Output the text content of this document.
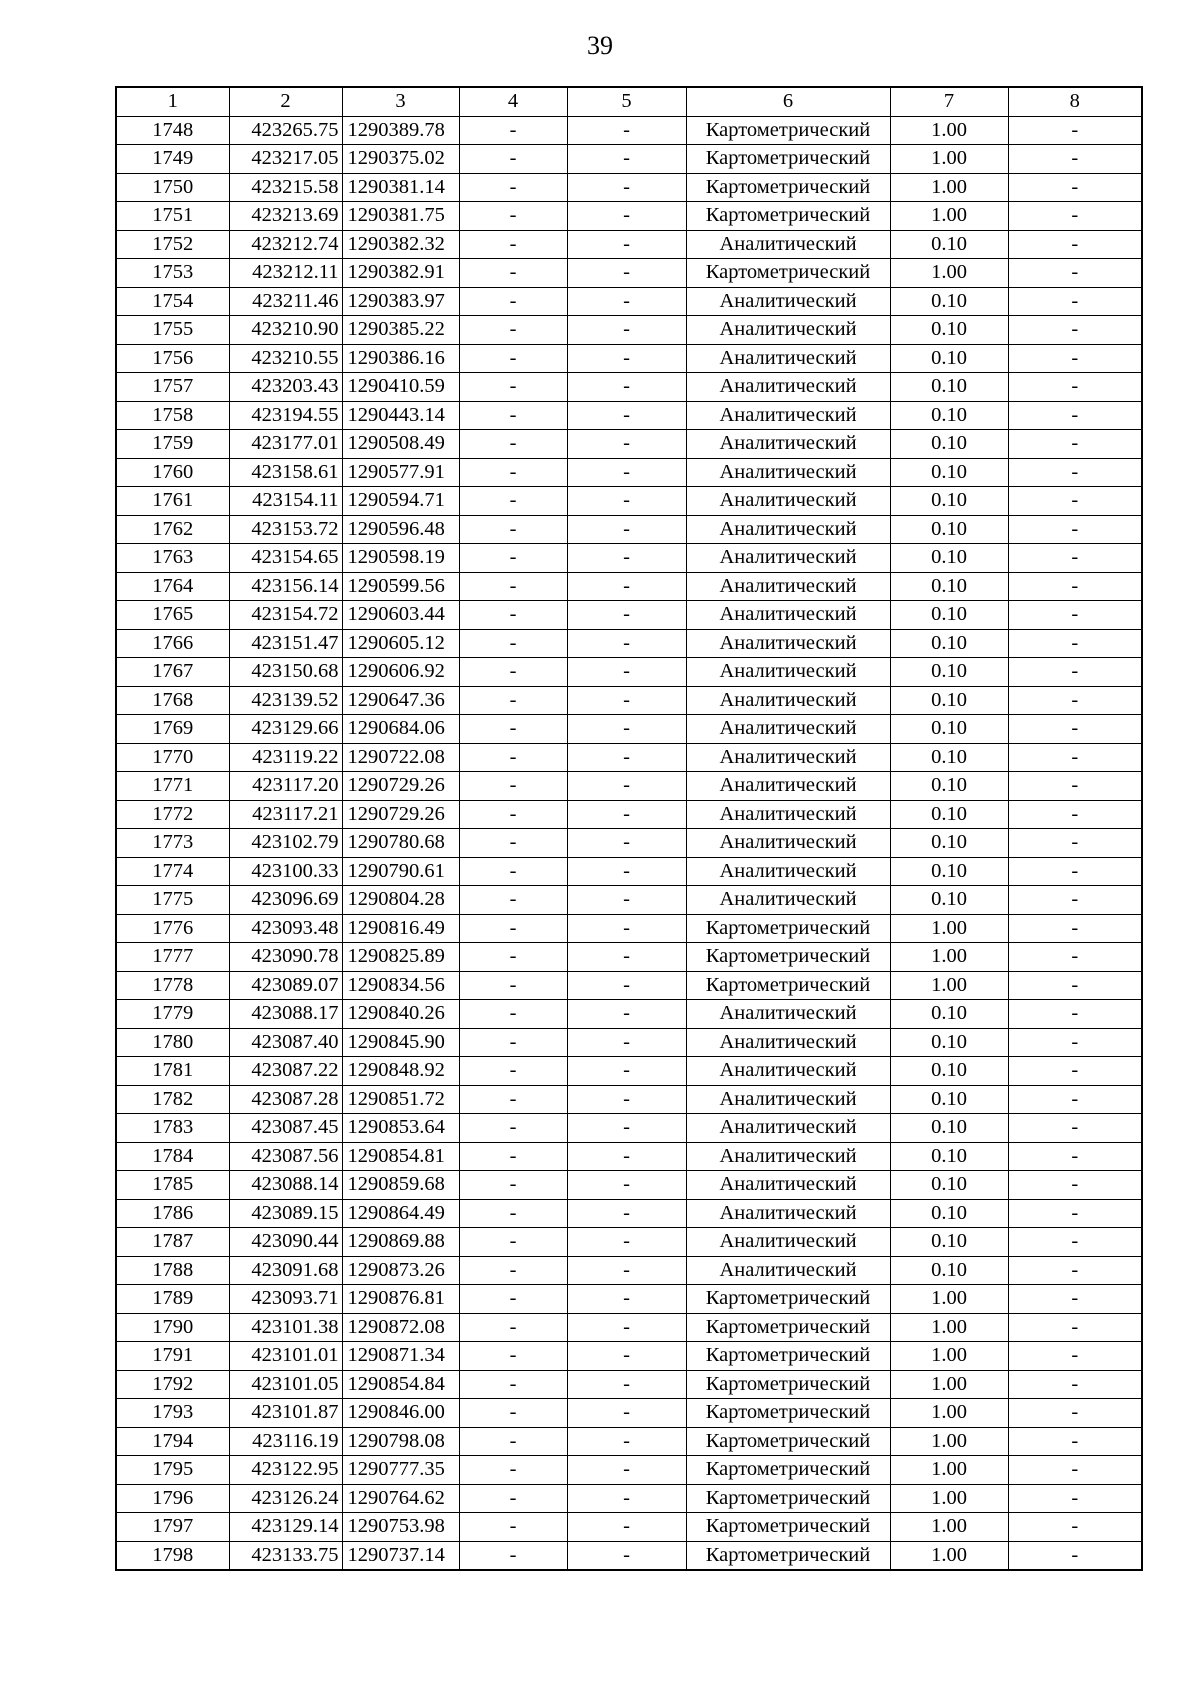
39
1	2	3	4	5	6	7	8
1748	423265.75	1290389.78	-	-	Картометрический	1.00	-
1749	423217.05	1290375.02	-	-	Картометрический	1.00	-
1750	423215.58	1290381.14	-	-	Картометрический	1.00	-
1751	423213.69	1290381.75	-	-	Картометрический	1.00	-
1752	423212.74	1290382.32	-	-	Аналитический	0.10	-
1753	423212.11	1290382.91	-	-	Картометрический	1.00	-
1754	423211.46	1290383.97	-	-	Аналитический	0.10	-
1755	423210.90	1290385.22	-	-	Аналитический	0.10	-
1756	423210.55	1290386.16	-	-	Аналитический	0.10	-
1757	423203.43	1290410.59	-	-	Аналитический	0.10	-
1758	423194.55	1290443.14	-	-	Аналитический	0.10	-
1759	423177.01	1290508.49	-	-	Аналитический	0.10	-
1760	423158.61	1290577.91	-	-	Аналитический	0.10	-
1761	423154.11	1290594.71	-	-	Аналитический	0.10	-
1762	423153.72	1290596.48	-	-	Аналитический	0.10	-
1763	423154.65	1290598.19	-	-	Аналитический	0.10	-
1764	423156.14	1290599.56	-	-	Аналитический	0.10	-
1765	423154.72	1290603.44	-	-	Аналитический	0.10	-
1766	423151.47	1290605.12	-	-	Аналитический	0.10	-
1767	423150.68	1290606.92	-	-	Аналитический	0.10	-
1768	423139.52	1290647.36	-	-	Аналитический	0.10	-
1769	423129.66	1290684.06	-	-	Аналитический	0.10	-
1770	423119.22	1290722.08	-	-	Аналитический	0.10	-
1771	423117.20	1290729.26	-	-	Аналитический	0.10	-
1772	423117.21	1290729.26	-	-	Аналитический	0.10	-
1773	423102.79	1290780.68	-	-	Аналитический	0.10	-
1774	423100.33	1290790.61	-	-	Аналитический	0.10	-
1775	423096.69	1290804.28	-	-	Аналитический	0.10	-
1776	423093.48	1290816.49	-	-	Картометрический	1.00	-
1777	423090.78	1290825.89	-	-	Картометрический	1.00	-
1778	423089.07	1290834.56	-	-	Картометрический	1.00	-
1779	423088.17	1290840.26	-	-	Аналитический	0.10	-
1780	423087.40	1290845.90	-	-	Аналитический	0.10	-
1781	423087.22	1290848.92	-	-	Аналитический	0.10	-
1782	423087.28	1290851.72	-	-	Аналитический	0.10	-
1783	423087.45	1290853.64	-	-	Аналитический	0.10	-
1784	423087.56	1290854.81	-	-	Аналитический	0.10	-
1785	423088.14	1290859.68	-	-	Аналитический	0.10	-
1786	423089.15	1290864.49	-	-	Аналитический	0.10	-
1787	423090.44	1290869.88	-	-	Аналитический	0.10	-
1788	423091.68	1290873.26	-	-	Аналитический	0.10	-
1789	423093.71	1290876.81	-	-	Картометрический	1.00	-
1790	423101.38	1290872.08	-	-	Картометрический	1.00	-
1791	423101.01	1290871.34	-	-	Картометрический	1.00	-
1792	423101.05	1290854.84	-	-	Картометрический	1.00	-
1793	423101.87	1290846.00	-	-	Картометрический	1.00	-
1794	423116.19	1290798.08	-	-	Картометрический	1.00	-
1795	423122.95	1290777.35	-	-	Картометрический	1.00	-
1796	423126.24	1290764.62	-	-	Картометрический	1.00	-
1797	423129.14	1290753.98	-	-	Картометрический	1.00	-
1798	423133.75	1290737.14	-	-	Картометрический	1.00	-
